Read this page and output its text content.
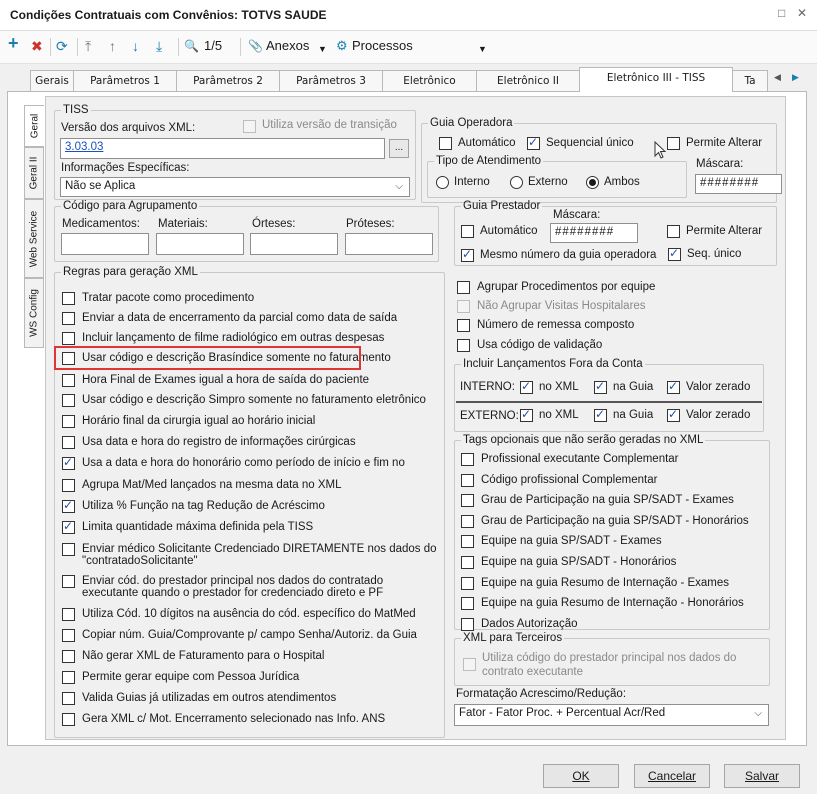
Condições Contratuais com Convênios: TOTVS SAUDE	□ ✕
+ ✖ ⟳ ⤒ ↑ ↓ ⤓ 🔍 1/5 📎 Anexos ▼ ⚙ Processos	▼
Gerais	Parâmetros 1	Parâmetros 2	Parâmetros 3	Eletrônico	Eletrônico II	Eletrônico III - TISS	Ta	◀ ▶
Geral
Geral II
Web Service
WS Config
TISS
Versão dos arquivos XML:	Utiliza versão de transição
3.03.03	...
Informações Específicas:
Não se Aplica	⌵
Guia Operadora
Automático ✓	Sequencial único	Permite Alterar
Tipo de Atendimento
Interno	Externo	Ambos
Máscara:
########
Código para Agrupamento
Medicamentos: Materiais:	Órteses:	Próteses:
Guia Prestador
Máscara:
Automático	########	Permite Alterar
✓
Mesmo número da guia operadora ✓	Seq. único
Regras para geração XML
Tratar pacote como procedimento
Enviar a data de encerramento da parcial como data de saída
Incluir lançamento de filme radiológico em outras despesas
Usar código e descrição Brasíndice somente no faturamento
Hora Final de Exames igual a hora de saída do paciente
Usar código e descrição Simpro somente no faturamento eletrônico
Horário final da cirurgia igual ao horário inicial
Usa data e hora do registro de informações cirúrgicas
✓
Usa a data e hora do honorário como período de início e fim no
Agrupa Mat/Med lançados na mesma data no XML
✓
Utiliza % Função na tag Redução de Acréscimo
✓
Limita quantidade máxima definida pela TISS
Enviar médico Solicitante Credenciado DIRETAMENTE nos dados do
"contratadoSolicitante"
Enviar cód. do prestador principal nos dados do contratado
executante quando o prestador for credenciado direto e PF
Utiliza Cód. 10 dígitos na ausência do cód. específico do MatMed
Copiar núm. Guia/Comprovante p/ campo Senha/Autoriz. da Guia
Não gerar XML de Faturamento para o Hospital
Permite gerar equipe com Pessoa Jurídica
Valida Guias já utilizadas em outros atendimentos
Gera XML c/ Mot. Encerramento selecionado nas Info. ANS
Agrupar Procedimentos por equipe
Não Agrupar Visitas Hospitalares
Número de remessa composto
Usa código de validação
Incluir Lançamentos Fora da Conta
INTERNO: ✓ no XML ✓	na Guia ✓	Valor zerado
EXTERNO: ✓ no XML ✓	na Guia ✓	Valor zerado
Tags opcionais que não serão geradas no XML
Profissional executante Complementar
Código profissional Complementar
Grau de Participação na guia SP/SADT - Exames
Grau de Participação na guia SP/SADT - Honorários
Equipe na guia SP/SADT - Exames
Equipe na guia SP/SADT - Honorários
Equipe na guia Resumo de Internação - Exames
Equipe na guia Resumo de Internação - Honorários
Dados Autorização
XML para Terceiros
Utiliza código do prestador principal nos dados do
contrato executante
Formatação Acrescimo/Redução:
Fator - Fator Proc. + Percentual Acr/Red	⌵
OK	Cancelar	Salvar
